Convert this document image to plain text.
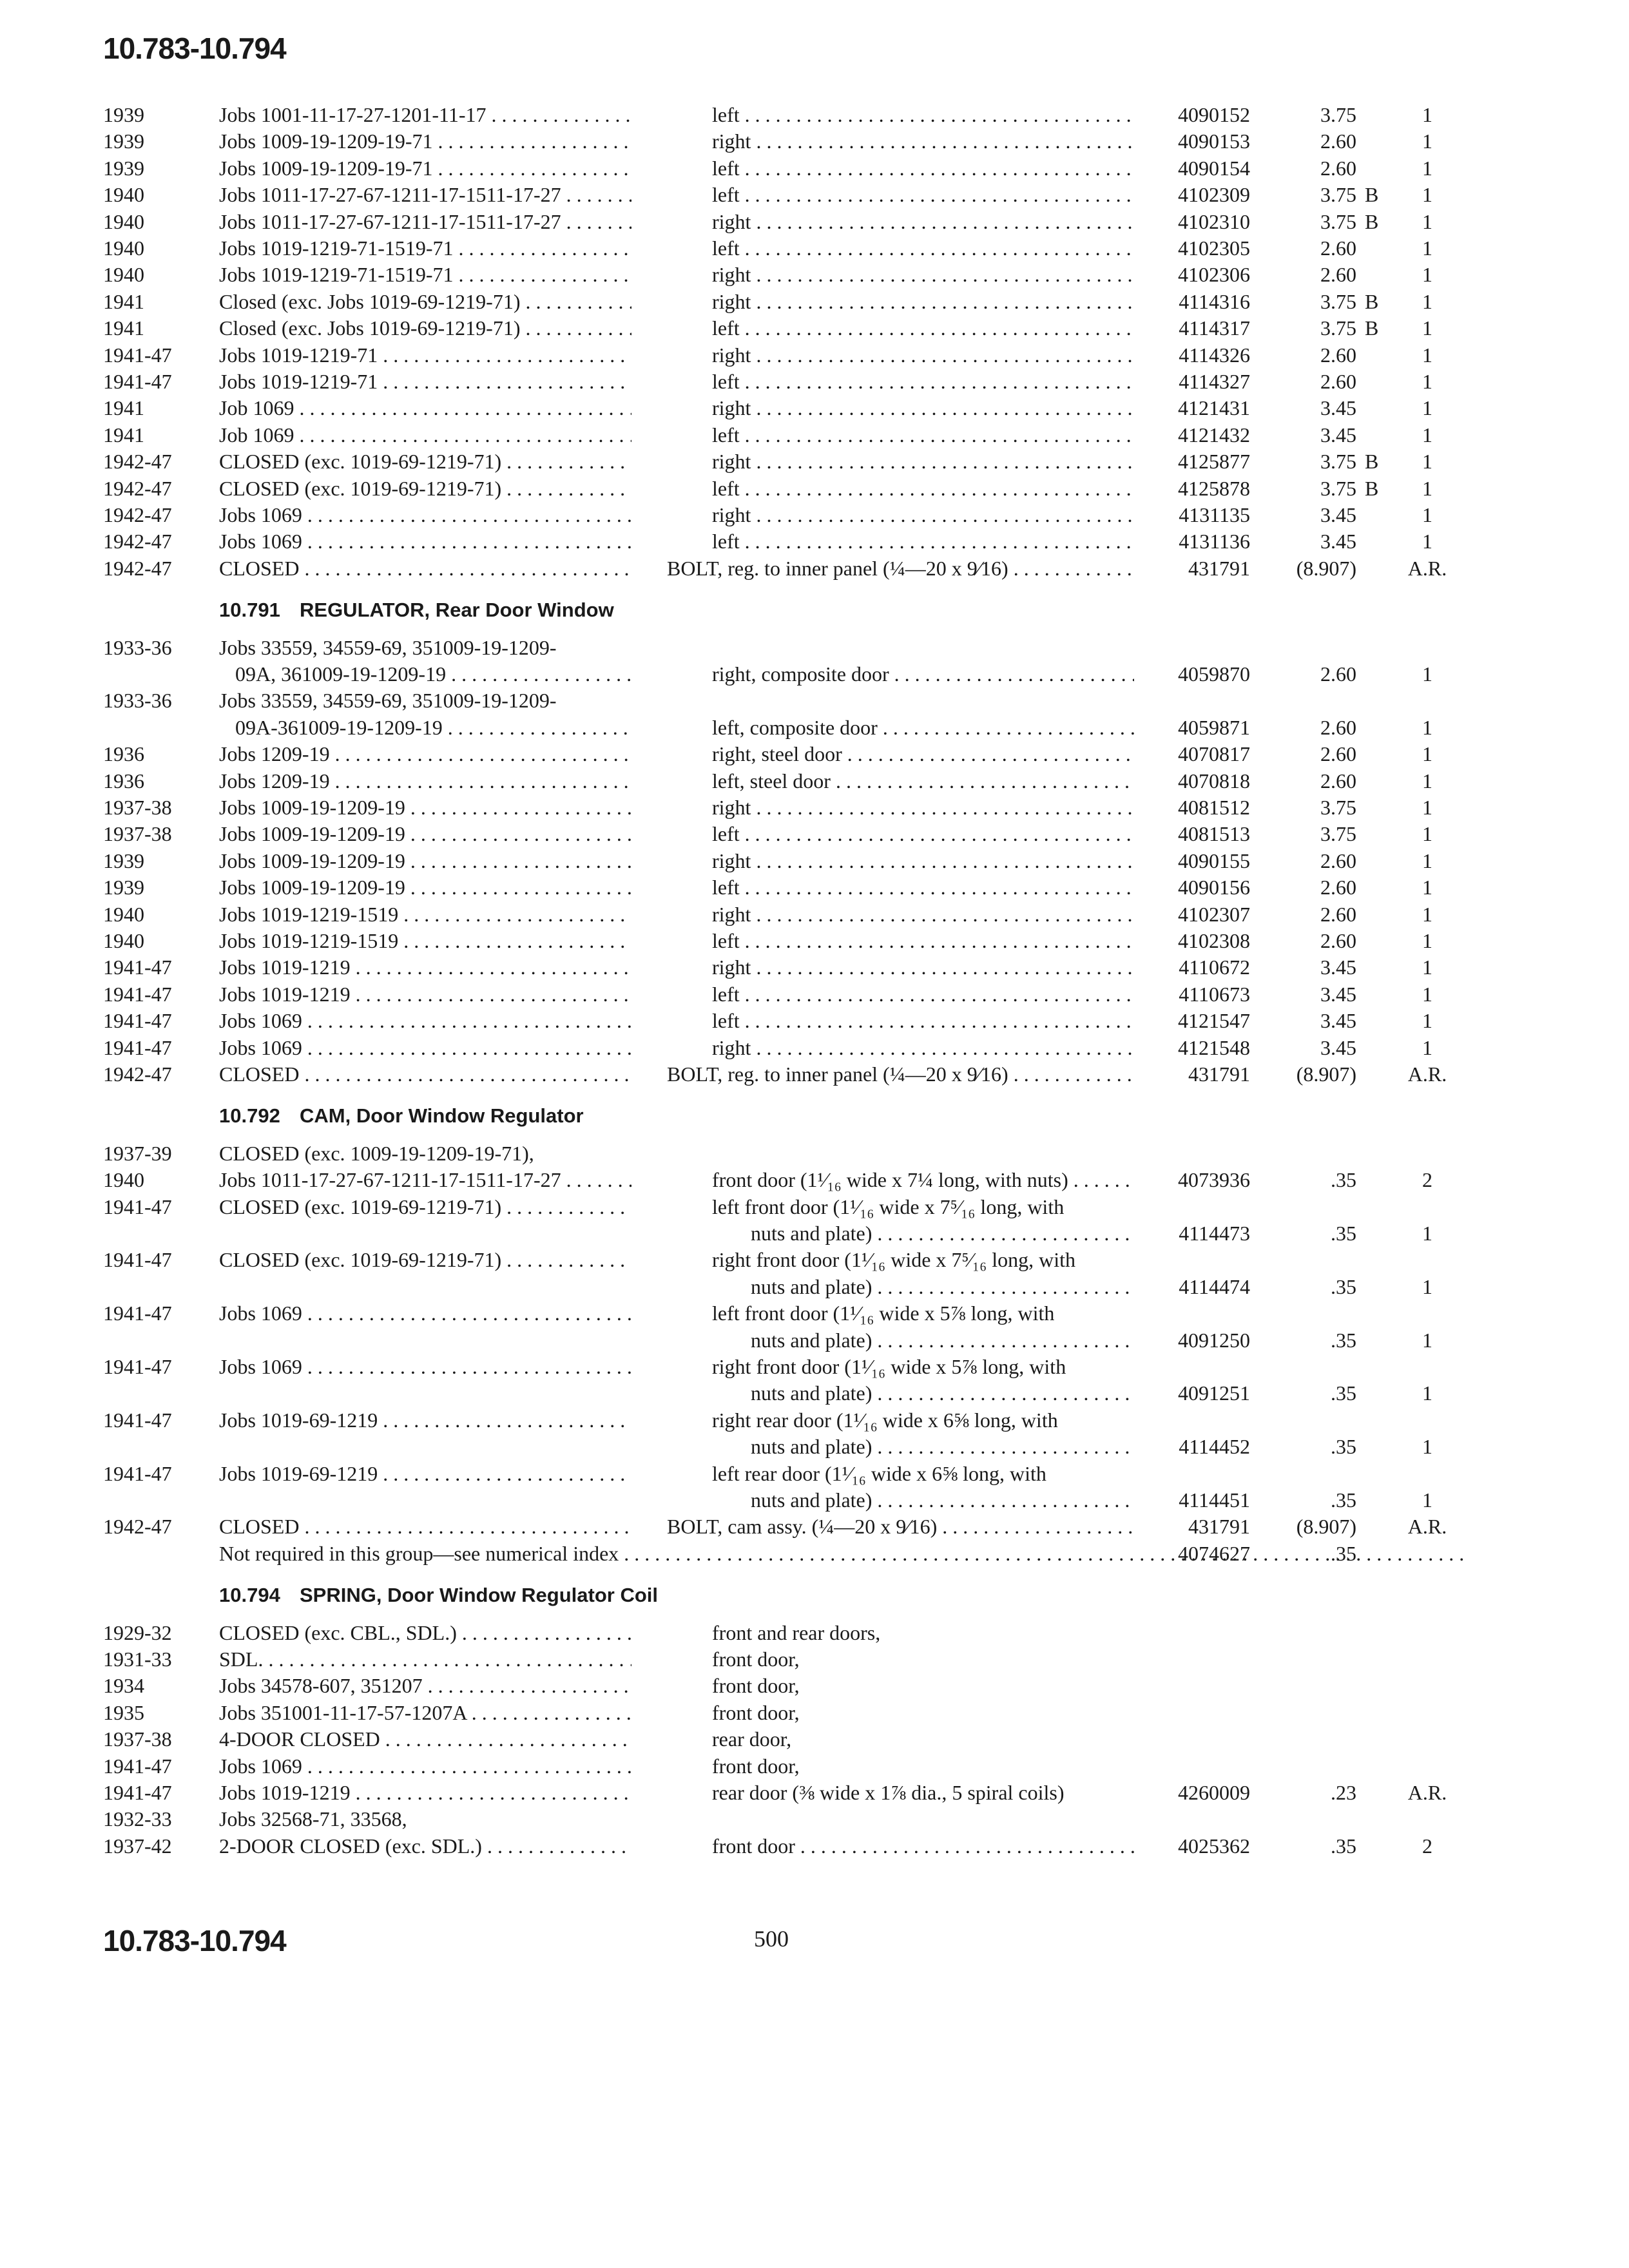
10.783-10.794
1939	Jobs 1001-11-17-27-1201-11-17 . . .	left . . .	4090152	3.75	1
1939	Jobs 1009-19-1209-19-71 . . .	right . . .	4090153	2.60	1
1939	Jobs 1009-19-1209-19-71 . . .	left . . .	4090154	2.60	1
1940	Jobs 1011-17-27-67-1211-17-1511-17-27 . . .	left . . .	4102309	3.75 B	1
1940	Jobs 1011-17-27-67-1211-17-1511-17-27 . . .	right . . .	4102310	3.75 B	1
1940	Jobs 1019-1219-71-1519-71 . . .	left . . .	4102305	2.60	1
1940	Jobs 1019-1219-71-1519-71 . . .	right . . .	4102306	2.60	1
1941	Closed (exc. Jobs 1019-69-1219-71) . . .	right . . .	4114316	3.75 B	1
1941	Closed (exc. Jobs 1019-69-1219-71) . . .	left . . .	4114317	3.75 B	1
1941-47 Jobs 1019-1219-71 . . .	right . . .	4114326	2.60	1
1941-47 Jobs 1019-1219-71 . . .	left . . .	4114327	2.60	1
1941	Job 1069 . . .	right . . .	4121431	3.45	1
1941	Job 1069 . . .	left . . .	4121432	3.45	1
1942-47 CLOSED (exc. 1019-69-1219-71) . . .	right . . .	4125877	3.75 B	1
1942-47 CLOSED (exc. 1019-69-1219-71) . . .	left . . .	4125878	3.75 B	1
1942-47 Jobs 1069 . . .	right . . .	4131135	3.45	1
1942-47 Jobs 1069 . . .	left . . .	4131136	3.45	1
1942-47 CLOSED . . .	BOLT, reg. to inner panel (¼—20 x 9⁄16) . . .	431791	(8.907)	A.R.
10.791 REGULATOR, Rear Door Window
1933-36 Jobs 33559, 34559-69, 351009-19-1209-
09A, 361009-19-1209-19 . . .	right, composite door . . .	4059870	2.60	1
1933-36 Jobs 33559, 34559-69, 351009-19-1209-
09A-361009-19-1209-19 . . .	left, composite door . . .	4059871	2.60	1
1936	Jobs 1209-19 . . .	right, steel door . . .	4070817	2.60	1
1936	Jobs 1209-19 . . .	left, steel door . . .	4070818	2.60	1
1937-38 Jobs 1009-19-1209-19 . . .	right . . .	4081512	3.75	1
1937-38 Jobs 1009-19-1209-19 . . .	left . . .	4081513	3.75	1
1939	Jobs 1009-19-1209-19 . . .	right . . .	4090155	2.60	1
1939	Jobs 1009-19-1209-19 . . .	left . . .	4090156	2.60	1
1940	Jobs 1019-1219-1519 . . .	right . . .	4102307	2.60	1
1940	Jobs 1019-1219-1519 . . .	left . . .	4102308	2.60	1
1941-47 Jobs 1019-1219 . . .	right . . .	4110672	3.45	1
1941-47 Jobs 1019-1219 . . .	left . . .	4110673	3.45	1
1941-47 Jobs 1069 . . .	left . . .	4121547	3.45	1
1941-47 Jobs 1069 . . .	right . . .	4121548	3.45	1
1942-47 CLOSED . . .	BOLT, reg. to inner panel (¼—20 x 9⁄16) . . .	431791	(8.907)	A.R.
10.792 CAM, Door Window Regulator
1937-39 CLOSED (exc. 1009-19-1209-19-71),
1940	Jobs 1011-17-27-67-1211-17-1511-17-27 . . .	front door (1¹⁄₁₆ wide x 7¼ long, with nuts) . . .	4073936	.35	2
1941-47 CLOSED (exc. 1019-69-1219-71) . . .	left front door (1¹⁄₁₆ wide x 7⁵⁄₁₆ long, with
nuts and plate) . . .	4114473	.35	1
1941-47 CLOSED (exc. 1019-69-1219-71) . . .	right front door (1¹⁄₁₆ wide x 7⁵⁄₁₆ long, with
nuts and plate) . . .	4114474	.35	1
1941-47 Jobs 1069 . . .	left front door (1¹⁄₁₆ wide x 5⅞ long, with
nuts and plate) . . .	4091250	.35	1
1941-47 Jobs 1069 . . .	right front door (1¹⁄₁₆ wide x 5⅞ long, with
nuts and plate) . . .	4091251	.35	1
1941-47 Jobs 1019-69-1219 . . .	right rear door (1¹⁄₁₆ wide x 6⅝ long, with
nuts and plate) . . .	4114452	.35	1
1941-47 Jobs 1019-69-1219 . . .	left rear door (1¹⁄₁₆ wide x 6⅝ long, with
nuts and plate) . . .	4114451	.35	1
1942-47 CLOSED . . .	BOLT, cam assy. (¼—20 x 9⁄16) . . .	431791	(8.907)	A.R.
Not required in this group—see numerical index . . .	4074627	.35
10.794 SPRING, Door Window Regulator Coil
1929-32 CLOSED (exc. CBL., SDL.) . . .	front and rear doors,
1931-33 SDL. . . .	front door,
1934	Jobs 34578-607, 351207 . . .	front door,
1935	Jobs 351001-11-17-57-1207A . . .	front door,
1937-38 4-DOOR CLOSED . . .	rear door,
1941-47 Jobs 1069 . . .	front door,
1941-47 Jobs 1019-1219 . . .	rear door (⅜ wide x 1⅞ dia., 5 spiral coils)	4260009	.23	A.R.
1932-33 Jobs 32568-71, 33568,
1937-42 2-DOOR CLOSED (exc. SDL.) . . .	front door . . .	4025362	.35	2
10.783-10.794	500
